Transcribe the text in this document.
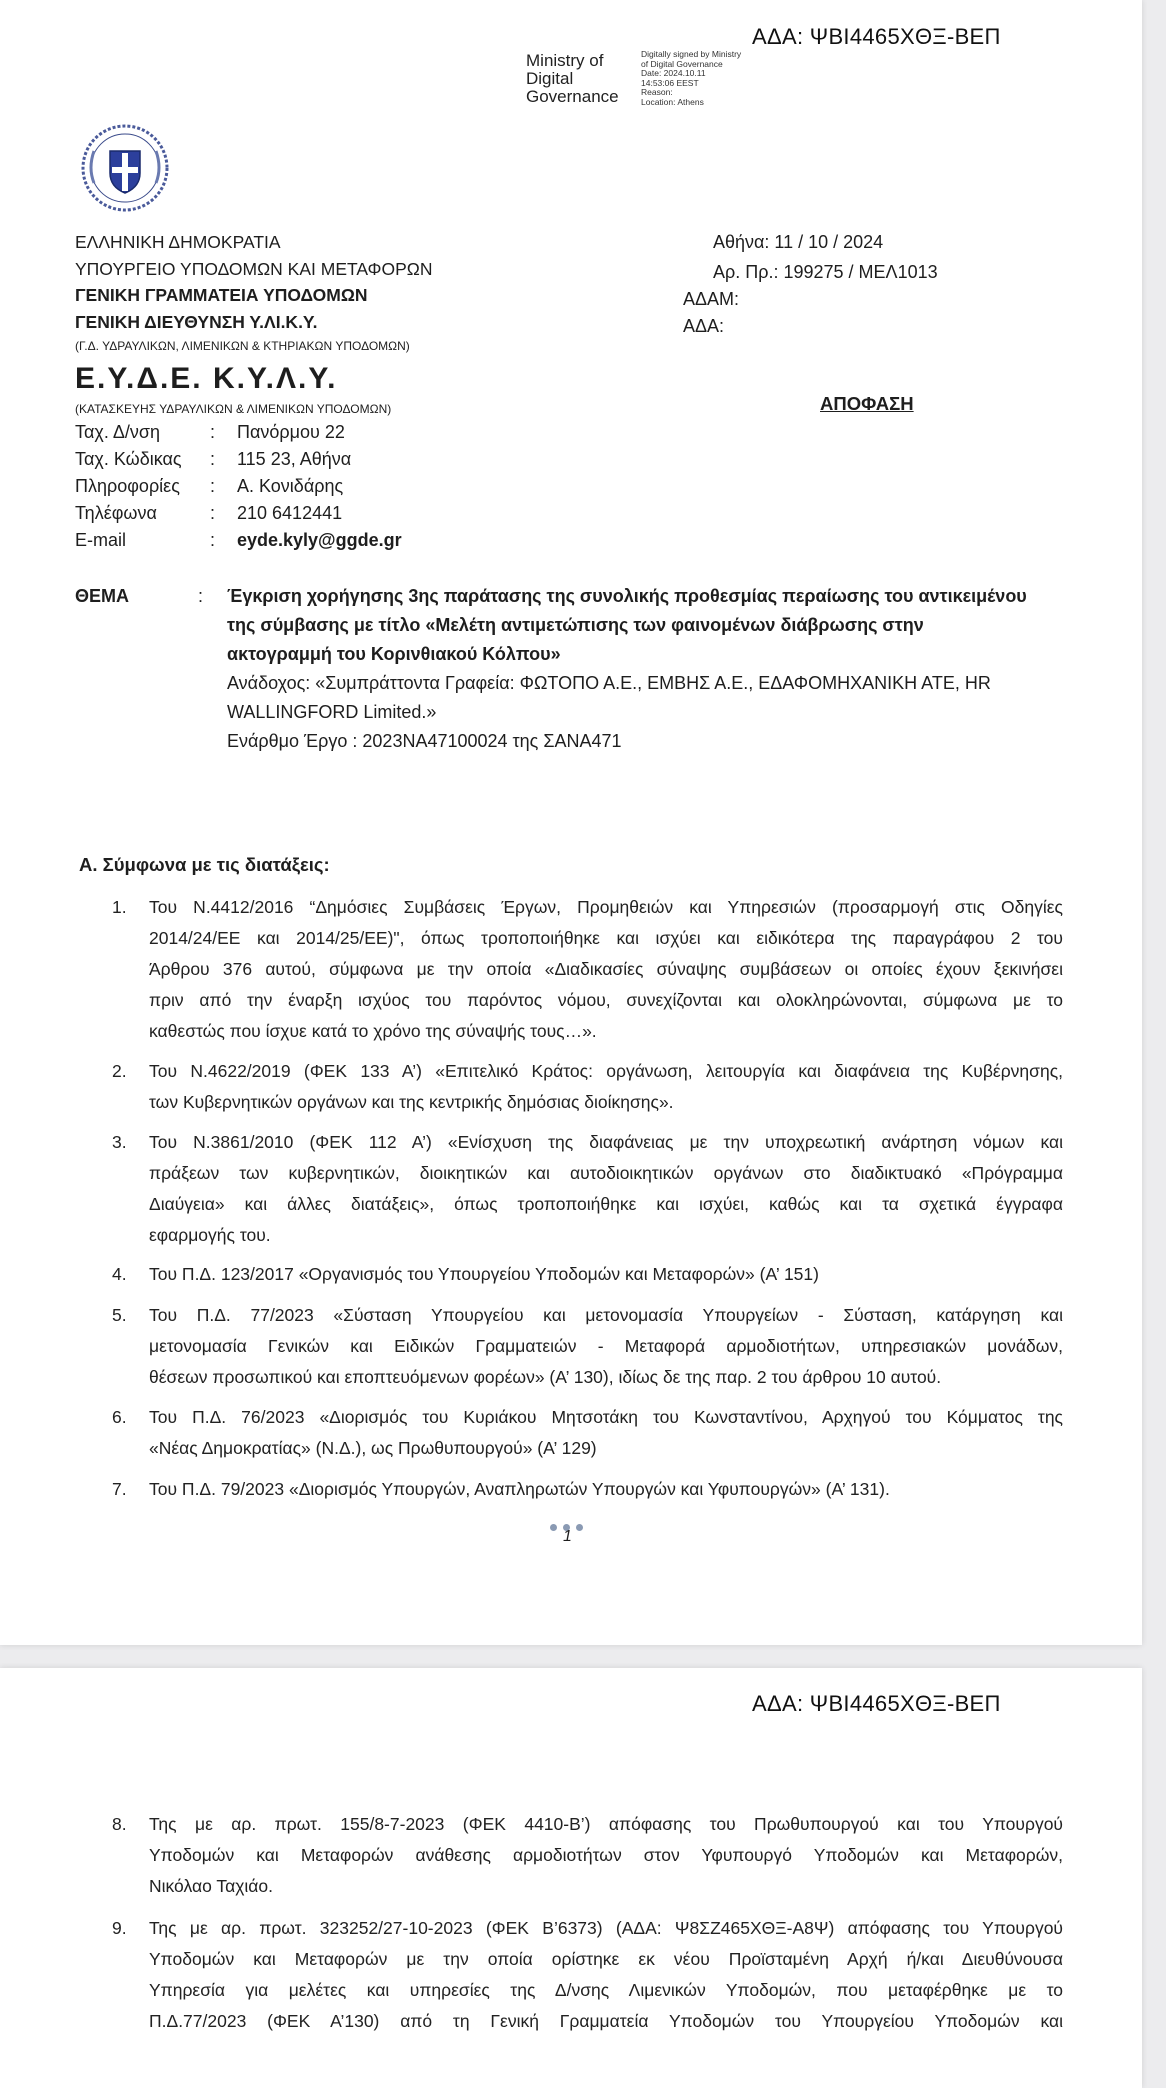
ΑΔΑ: ΨΒΙ4465ΧΘΞ-ΒΕΠ
Ministry of
Digital
Governance
Digitally signed by Ministry
of Digital Governance
Date: 2024.10.11
14:53:06 EEST
Reason:
Location: Athens
ΕΛΛΗΝΙΚΗ ΔΗΜΟΚΡΑΤΙΑ
ΥΠΟΥΡΓΕΙΟ ΥΠΟΔΟΜΩΝ ΚΑΙ ΜΕΤΑΦΟΡΩΝ
ΓΕΝΙΚΗ ΓΡΑΜΜΑΤΕΙΑ ΥΠΟΔΟΜΩΝ
ΓΕΝΙΚΗ ΔΙΕΥΘΥΝΣΗ Υ.ΛΙ.Κ.Υ.
(Γ.Δ. ΥΔΡΑΥΛΙΚΩΝ, ΛΙΜΕΝΙΚΩΝ & ΚΤΗΡΙΑΚΩΝ ΥΠΟΔΟΜΩΝ)
Ε.Υ.Δ.Ε. Κ.Υ.Λ.Υ.
(ΚΑΤΑΣΚΕΥΗΣ ΥΔΡΑΥΛΙΚΩΝ & ΛΙΜΕΝΙΚΩΝ ΥΠΟΔΟΜΩΝ)
Ταχ. Δ/νση	: Πανόρμου 22
Ταχ. Κώδικας : 115 23, Αθήνα
Πληροφορίες : Α. Κονιδάρης
Τηλέφωνα	: 210 6412441
E-mail	: eyde.kyly@ggde.gr
Αθήνα: 11 / 10 / 2024
Αρ. Πρ.: 199275 / ΜΕΛ1013
ΑΔΑΜ:
ΑΔΑ:
ΑΠΟΦΑΣΗ
ΘΕΜΑ	: Έγκριση χορήγησης 3ης παράτασης της συνολικής προθεσμίας περαίωσης του αντικειμένου
της σύμβασης με τίτλο «Μελέτη αντιμετώπισης των φαινομένων διάβρωσης στην
ακτογραμμή του Κορινθιακού Κόλπου»
Ανάδοχος: «Συμπράττοντα Γραφεία: ΦΩΤΟΠΟ Α.Ε., ΕΜΒΗΣ Α.Ε., ΕΔΑΦΟΜΗΧΑΝΙΚΗ ΑΤΕ, HR
WALLINGFORD Limited.»
Ενάρθμο Έργο : 2023ΝΑ47100024 της ΣΑΝΑ471
Α. Σύμφωνα με τις διατάξεις:
1. Του Ν.4412/2016 “Δημόσιες Συμβάσεις Έργων, Προμηθειών και Υπηρεσιών (προσαρμογή στις Οδηγίες
2014/24/ΕΕ και 2014/25/ΕΕ)", όπως τροποποιήθηκε και ισχύει και ειδικότερα της παραγράφου 2 του
Άρθρου 376 αυτού, σύμφωνα με την οποία «Διαδικασίες σύναψης συμβάσεων οι οποίες έχουν ξεκινήσει
πριν από την έναρξη ισχύος του παρόντος νόμου, συνεχίζονται και ολοκληρώνονται, σύμφωνα με το
καθεστώς που ίσχυε κατά το χρόνο της σύναψής τους…».
2. Του Ν.4622/2019 (ΦΕΚ 133 Α’) «Επιτελικό Κράτος: οργάνωση, λειτουργία και διαφάνεια της Κυβέρνησης,
των Κυβερνητικών οργάνων και της κεντρικής δημόσιας διοίκησης».
3. Του Ν.3861/2010 (ΦΕΚ 112 Α’) «Ενίσχυση της διαφάνειας με την υποχρεωτική ανάρτηση νόμων και
πράξεων των κυβερνητικών, διοικητικών και αυτοδιοικητικών οργάνων στο διαδικτυακό «Πρόγραμμα
Διαύγεια» και άλλες διατάξεις», όπως τροποποιήθηκε και ισχύει, καθώς και τα σχετικά έγγραφα
εφαρμογής του.
4. Του Π.Δ. 123/2017 «Οργανισμός του Υπουργείου Υποδομών και Μεταφορών» (Α’ 151)
5. Του Π.Δ. 77/2023 «Σύσταση Υπουργείου και μετονομασία Υπουργείων - Σύσταση, κατάργηση και
μετονομασία Γενικών και Ειδικών Γραμματειών - Μεταφορά αρμοδιοτήτων, υπηρεσιακών μονάδων,
θέσεων προσωπικού και εποπτευόμενων φορέων» (Α’ 130), ιδίως δε της παρ. 2 του άρθρου 10 αυτού.
6. Του Π.Δ. 76/2023 «Διορισμός του Κυριάκου Μητσοτάκη του Κωνσταντίνου, Αρχηγού του Κόμματος της
«Νέας Δημοκρατίας» (Ν.Δ.), ως Πρωθυπουργού» (Α’ 129)
7. Του Π.Δ. 79/2023 «Διορισμός Υπουργών, Αναπληρωτών Υπουργών και Υφυπουργών» (Α’ 131).
1
ΑΔΑ: ΨΒΙ4465ΧΘΞ-ΒΕΠ
8. Της με αρ. πρωτ. 155/8-7-2023 (ΦΕΚ 4410-Β’) απόφασης του Πρωθυπουργού και του Υπουργού
Υποδομών και Μεταφορών ανάθεσης αρμοδιοτήτων στον Υφυπουργό Υποδομών και Μεταφορών,
Νικόλαο Ταχιάο.
9. Της με αρ. πρωτ. 323252/27-10-2023 (ΦΕΚ Β’6373) (ΑΔΑ: Ψ8ΣΖ465ΧΘΞ-Α8Ψ) απόφασης του Υπουργού
Υποδομών και Μεταφορών με την οποία ορίστηκε εκ νέου Προϊσταμένη Αρχή ή/και Διευθύνουσα
Υπηρεσία για μελέτες και υπηρεσίες της Δ/νσης Λιμενικών Υποδομών, που μεταφέρθηκε με το
Π.Δ.77/2023 (ΦΕΚ Α’130) από τη Γενική Γραμματεία Υποδομών του Υπουργείου Υποδομών και
